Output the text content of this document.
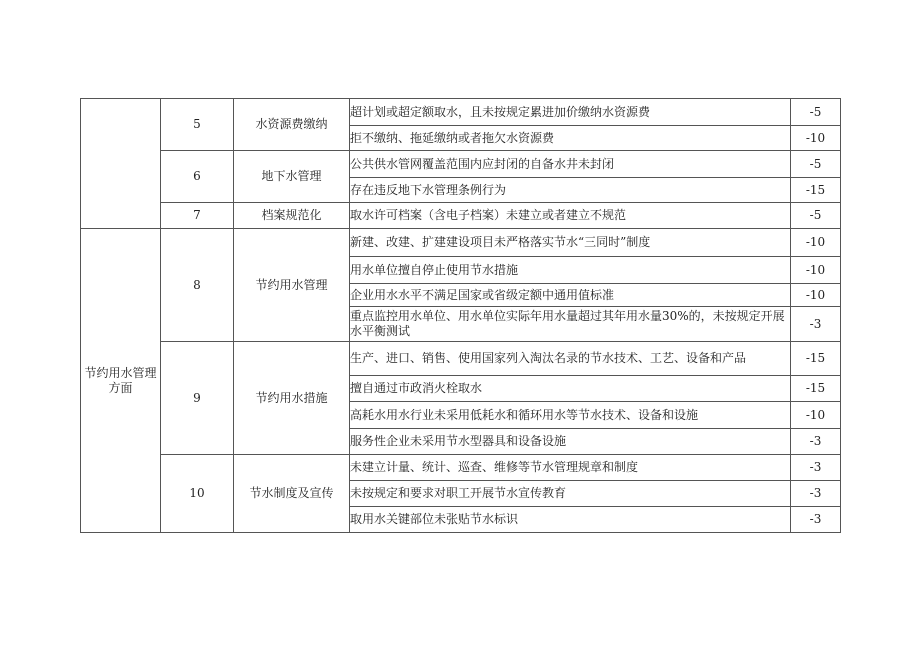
	5	水资源费缴纳	超计划或超定额取水，且未按规定累进加价缴纳水资源费	-5
			拒不缴纳、拖延缴纳或者拖欠水资源费	-10
	6	地下水管理	公共供水管网覆盖范围内应封闭的自备水井未封闭	-5
			存在违反地下水管理条例行为	-15
	7	档案规范化	取水许可档案（含电子档案）未建立或者建立不规范	-5

节约用水管理方面	8	节约用水管理	新建、改建、扩建建设项目未严格落实节水“三同时”制度	-10
			用水单位擅自停止使用节水措施	-10
			企业用水水平不满足国家或省级定额中通用值标准	-10
			重点监控用水单位、用水单位实际年用水量超过其年用水量30%的，未按规定开展水平衡测试	-3
	9	节约用水措施	生产、进口、销售、使用国家列入淘汰名录的节水技术、工艺、设备和产品	-15
			擅自通过市政消火栓取水	-15
			高耗水用水行业未采用低耗水和循环用水等节水技术、设备和设施	-10
			服务性企业未采用节水型器具和设备设施	-3
	10	节水制度及宣传	未建立计量、统计、巡查、维修等节水管理规章和制度	-3
			未按规定和要求对职工开展节水宣传教育	-3
			取用水关键部位未张贴节水标识	-3
